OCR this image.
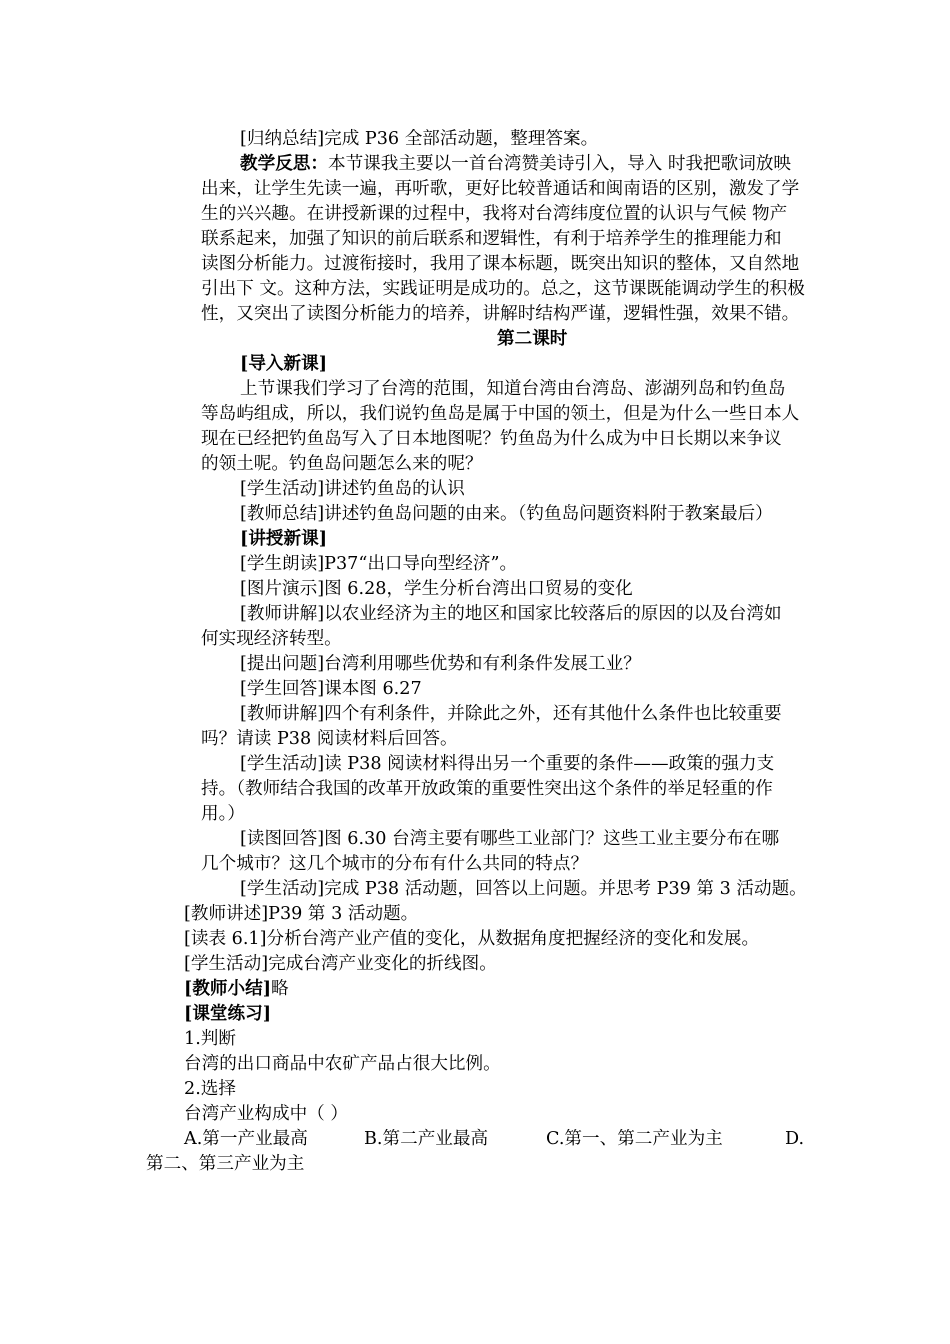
[归纳总结]完成 P36 全部活动题，整理答案。
教学反思：本节课我主要以一首台湾赞美诗引入，导入 时我把歌词放映
出来，让学生先读一遍，再听歌，更好比较普通话和闽南语的区别，激发了学
生的兴兴趣。在讲授新课的过程中，我将对台湾纬度位置的认识与气候 物产
联系起来，加强了知识的前后联系和逻辑性，有利于培养学生的推理能力和
读图分析能力。过渡衔接时，我用了课本标题，既突出知识的整体，又自然地
引出下 文。这种方法，实践证明是成功的。总之，这节课既能调动学生的积极
性，又突出了读图分析能力的培养，讲解时结构严谨，逻辑性强，效果不错。
第二课时
[导入新课]
上节课我们学习了台湾的范围，知道台湾由台湾岛、澎湖列岛和钓鱼岛
等岛屿组成，所以，我们说钓鱼岛是属于中国的领土，但是为什么一些日本人
现在已经把钓鱼岛写入了日本地图呢？钓鱼岛为什么成为中日长期以来争议
的领土呢。钓鱼岛问题怎么来的呢？
[学生活动]讲述钓鱼岛的认识
[教师总结]讲述钓鱼岛问题的由来。（钓鱼岛问题资料附于教案最后）
[讲授新课]
[学生朗读]P37“出口导向型经济”。
[图片演示]图 6.28，学生分析台湾出口贸易的变化
[教师讲解]以农业经济为主的地区和国家比较落后的原因的以及台湾如
何实现经济转型。
[提出问题]台湾利用哪些优势和有利条件发展工业？
[学生回答]课本图 6.27
[教师讲解]四个有利条件，并除此之外，还有其他什么条件也比较重要
吗？请读 P38 阅读材料后回答。
[学生活动]读 P38 阅读材料得出另一个重要的条件——政策的强力支
持。（教师结合我国的改革开放政策的重要性突出这个条件的举足轻重的作
用。）
[读图回答]图 6.30 台湾主要有哪些工业部门？这些工业主要分布在哪
几个城市？这几个城市的分布有什么共同的特点？
[学生活动]完成 P38 活动题，回答以上问题。并思考 P39 第 3 活动题。
[教师讲述]P39 第 3 活动题。
[读表 6.1]分析台湾产业产值的变化，从数据角度把握经济的变化和发展。
[学生活动]完成台湾产业变化的折线图。
[教师小结]略
[课堂练习]
1.判断
台湾的出口商品中农矿产品占很大比例。
2.选择
台湾产业构成中（ ）
A.第一产业最高	B.第二产业最高	C.第一、第二产业为主	D.
第二、第三产业为主
